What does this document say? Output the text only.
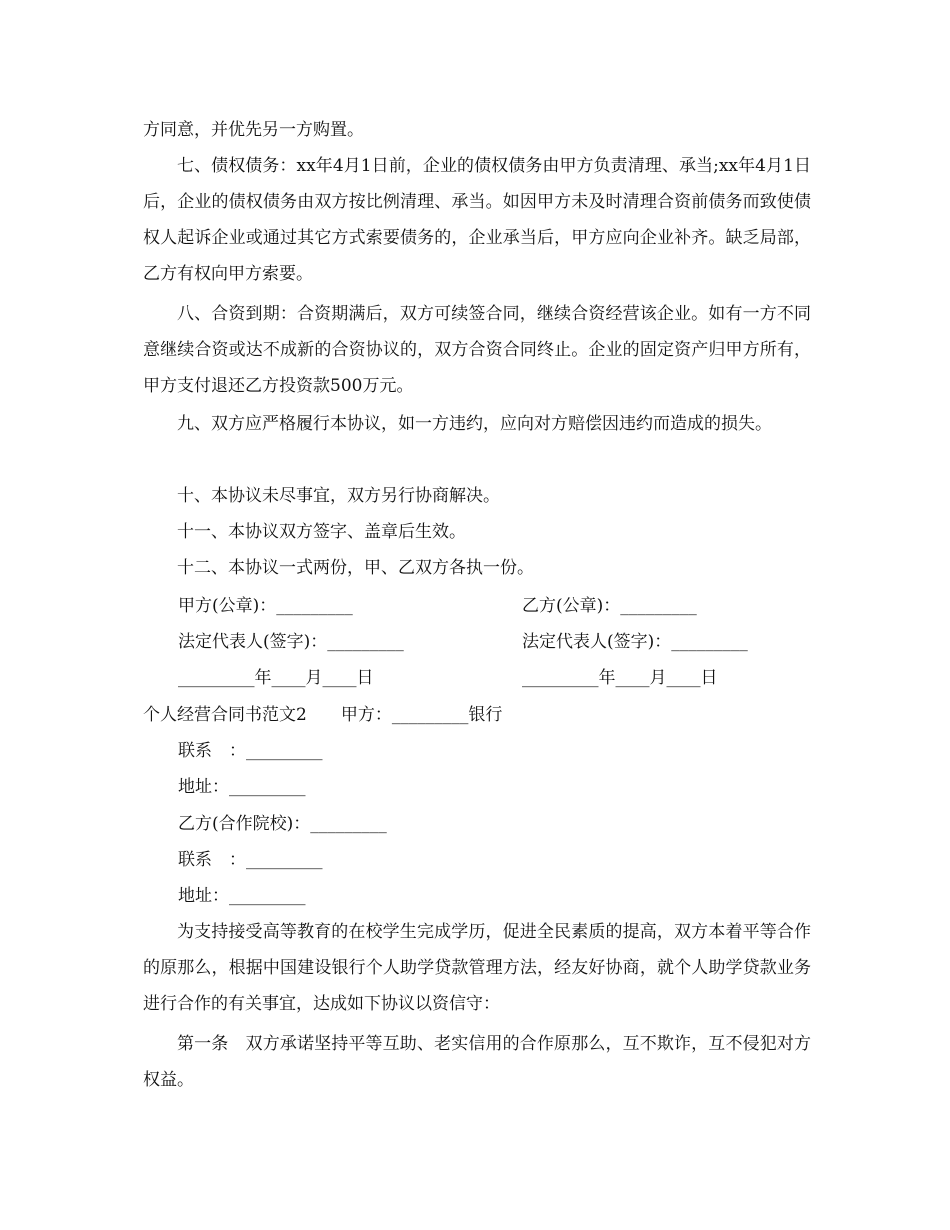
方同意，并优先另一方购置。

七、债权债务：xx年4月1日前，企业的债权债务由甲方负责清理、承当;xx年4月1日后，企业的债权债务由双方按比例清理、承当。如因甲方未及时清理合资前债务而致使债权人起诉企业或通过其它方式索要债务的，企业承当后，甲方应向企业补齐。缺乏局部，乙方有权向甲方索要。

八、合资到期：合资期满后，双方可续签合同，继续合资经营该企业。如有一方不同意继续合资或达不成新的合资协议的，双方合资合同终止。企业的固定资产归甲方所有，甲方支付退还乙方投资款500万元。

九、双方应严格履行本协议，如一方违约，应向对方赔偿因违约而造成的损失。

十、本协议未尽事宜，双方另行协商解决。

十一、本协议双方签字、盖章后生效。

十二、本协议一式两份，甲、乙双方各执一份。

甲方(公章)：_________	乙方(公章)：_________

法定代表人(签字)：_________	法定代表人(签字)：_________

_________年____月____日	_________年____月____日

个人经营合同书范文2　　甲方：_________银行

联系　：_________

地址：_________

乙方(合作院校)：_________

联系　：_________

地址：_________

为支持接受高等教育的在校学生完成学历，促进全民素质的提高，双方本着平等合作的原那么，根据中国建设银行个人助学贷款管理方法，经友好协商，就个人助学贷款业务进行合作的有关事宜，达成如下协议以资信守：

第一条　双方承诺坚持平等互助、老实信用的合作原那么，互不欺诈，互不侵犯对方权益。
